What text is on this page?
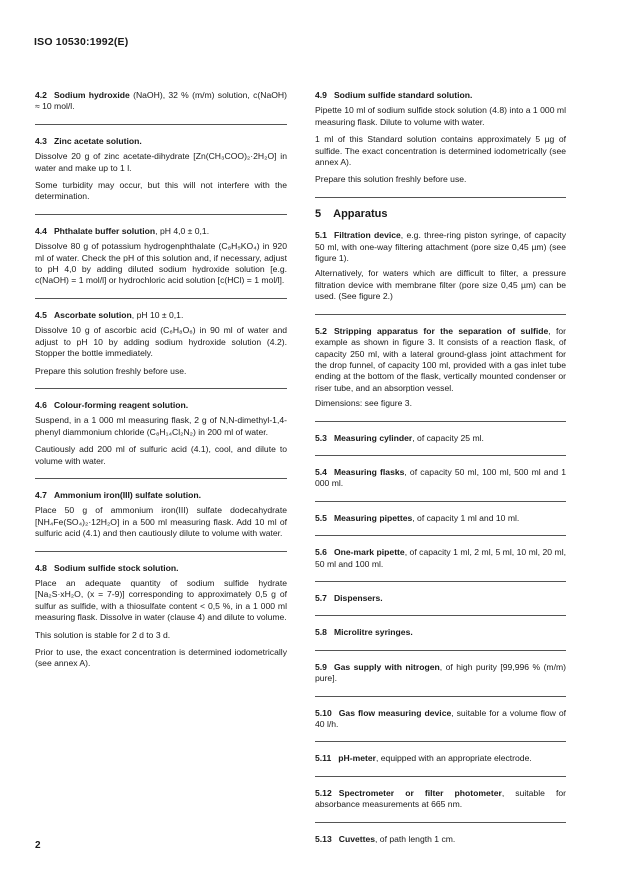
ISO 10530:1992(E)

4.2 Sodium hydroxide (NaOH), 32 % (m/m) solution, c(NaOH) ≈ 10 mol/l.

4.3 Zinc acetate solution.

Dissolve 20 g of zinc acetate-dihydrate [Zn(CH₃COO)₂·2H₂O] in water and make up to 1 l.

Some turbidity may occur, but this will not interfere with the determination.

4.4 Phthalate buffer solution, pH 4,0 ± 0,1.

Dissolve 80 g of potassium hydrogenphthalate (C₈H₅KO₄) in 920 ml of water. Check the pH of this solution and, if necessary, adjust to pH 4,0 by adding diluted sodium hydroxide solution [e.g. c(NaOH) = 1 mol/l] or hydrochloric acid solution [c(HCl) = 1 mol/l].

4.5 Ascorbate solution, pH 10 ± 0,1.

Dissolve 10 g of ascorbic acid (C₆H₈O₆) in 90 ml of water and adjust to pH 10 by adding sodium hydroxide solution (4.2). Stopper the bottle immediately.

Prepare this solution freshly before use.

4.6 Colour-forming reagent solution.

Suspend, in a 1 000 ml measuring flask, 2 g of N,N-dimethyl-1,4-phenyl diammonium chloride (C₈H₁₄Cl₂N₂) in 200 ml of water.

Cautiously add 200 ml of sulfuric acid (4.1), cool, and dilute to volume with water.

4.7 Ammonium iron(III) sulfate solution.

Place 50 g of ammonium iron(III) sulfate dodecahydrate [NH₄Fe(SO₄)₂·12H₂O] in a 500 ml measuring flask. Add 10 ml of sulfuric acid (4.1) and then cautiously dilute to volume with water.

4.8 Sodium sulfide stock solution.

Place an adequate quantity of sodium sulfide hydrate [Na₂S·xH₂O, (x = 7-9)] corresponding to approximately 0,5 g of sulfur as sulfide, with a thiosulfate content < 0,5 %, in a 1 000 ml measuring flask. Dissolve in water (clause 4) and dilute to volume.

This solution is stable for 2 d to 3 d.

Prior to use, the exact concentration is determined iodometrically (see annex A).

4.9 Sodium sulfide standard solution.

Pipette 10 ml of sodium sulfide stock solution (4.8) into a 1 000 ml measuring flask. Dilute to volume with water.

1 ml of this Standard solution contains approximately 5 µg of sulfide. The exact concentration is determined iodometrically (see annex A).

Prepare this solution freshly before use.

5 Apparatus

5.1 Filtration device, e.g. three-ring piston syringe, of capacity 50 ml, with one-way filtering attachment (pore size 0,45 µm) (see figure 1).

Alternatively, for waters which are difficult to filter, a pressure filtration device with membrane filter (pore size 0,45 µm) can be used. (See figure 2.)

5.2 Stripping apparatus for the separation of sulfide, for example as shown in figure 3. It consists of a reaction flask, of capacity 250 ml, with a lateral ground-glass joint attachment for the drop funnel, of capacity 100 ml, provided with a gas inlet tube ending at the bottom of the flask, vertically mounted condenser or riser tube, and an absorption vessel.

Dimensions: see figure 3.

5.3 Measuring cylinder, of capacity 25 ml.

5.4 Measuring flasks, of capacity 50 ml, 100 ml, 500 ml and 1 000 ml.

5.5 Measuring pipettes, of capacity 1 ml and 10 ml.

5.6 One-mark pipette, of capacity 1 ml, 2 ml, 5 ml, 10 ml, 20 ml, 50 ml and 100 ml.

5.7 Dispensers.

5.8 Microlitre syringes.

5.9 Gas supply with nitrogen, of high purity [99,996 % (m/m) pure].

5.10 Gas flow measuring device, suitable for a volume flow of 40 l/h.

5.11 pH-meter, equipped with an appropriate electrode.

5.12 Spectrometer or filter photometer, suitable for absorbance measurements at 665 nm.

5.13 Cuvettes, of path length 1 cm.

2
